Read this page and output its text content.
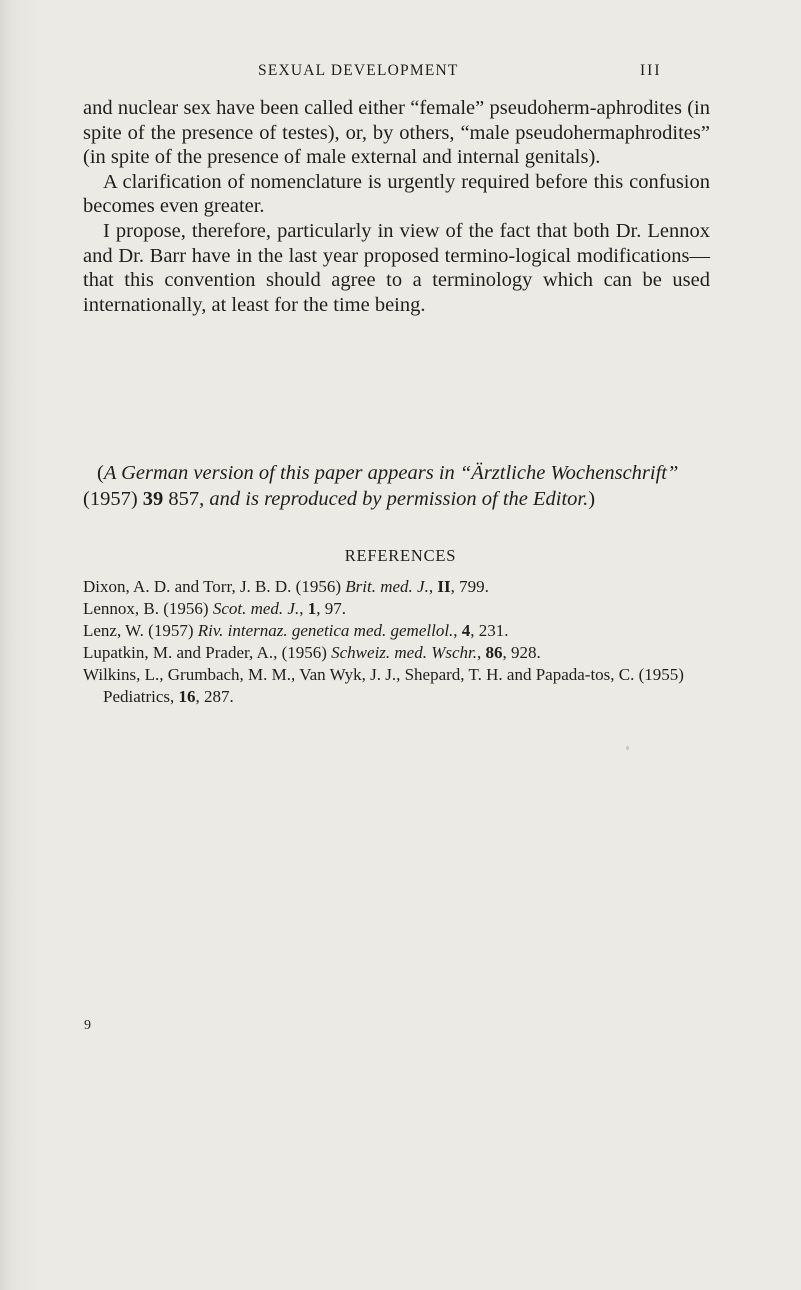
SEXUAL DEVELOPMENT	III

and nuclear sex have been called either “female” pseudoherm-aphrodites (in spite of the presence of testes), or, by others, “male pseudohermaphrodites” (in spite of the presence of male external and internal genitals).

A clarification of nomenclature is urgently required before this confusion becomes even greater.

I propose, therefore, particularly in view of the fact that both Dr. Lennox and Dr. Barr have in the last year proposed termino-logical modifications—that this convention should agree to a terminology which can be used internationally, at least for the time being.

(A German version of this paper appears in “Ärztliche Wochenschrift” (1957) 39 857, and is reproduced by permission of the Editor.)

REFERENCES

Dixon, A. D. and Torr, J. B. D. (1956) Brit. med. J., II, 799.

Lennox, B. (1956) Scot. med. J., 1, 97.

Lenz, W. (1957) Riv. internaz. genetica med. gemellol., 4, 231.

Lupatkin, M. and Prader, A., (1956) Schweiz. med. Wschr., 86, 928.

Wilkins, L., Grumbach, M. M., Van Wyk, J. J., Shepard, T. H. and Papada-tos, C. (1955) Pediatrics, 16, 287.

9
